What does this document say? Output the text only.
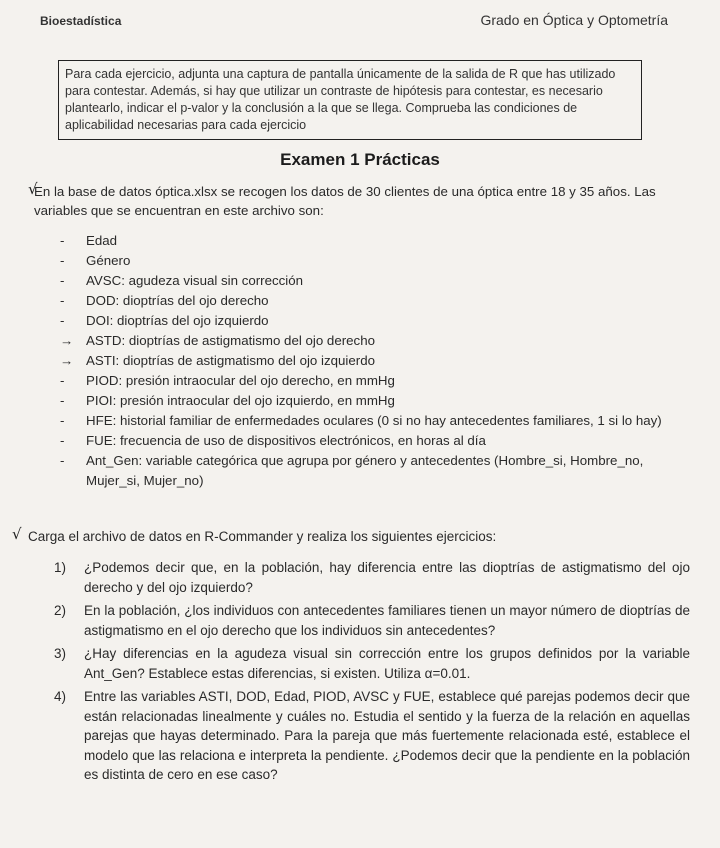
Bioestadística	Grado en Óptica y Optometría
Para cada ejercicio, adjunta una captura de pantalla únicamente de la salida de R que has utilizado para contestar. Además, si hay que utilizar un contraste de hipótesis para contestar, es necesario plantearlo, indicar el p-valor y la conclusión a la que se llega. Comprueba las condiciones de aplicabilidad necesarias para cada ejercicio
Examen 1 Prácticas
√
En la base de datos óptica.xlsx se recogen los datos de 30 clientes de una óptica entre 18 y 35 años. Las variables que se encuentran en este archivo son:
-	Edad
-	Género
-	AVSC: agudeza visual sin corrección
-	DOD: dioptrías del ojo derecho
-	DOI: dioptrías del ojo izquierdo
→ ASTD: dioptrías de astigmatismo del ojo derecho
→ ASTI: dioptrías de astigmatismo del ojo izquierdo
-	PIOD: presión intraocular del ojo derecho, en mmHg
-	PIOI: presión intraocular del ojo izquierdo, en mmHg
-	HFE: historial familiar de enfermedades oculares (0 si no hay antecedentes familiares, 1 si lo hay)
-	FUE: frecuencia de uso de dispositivos electrónicos, en horas al día
-	Ant_Gen: variable categórica que agrupa por género y antecedentes (Hombre_si, Hombre_no, Mujer_si, Mujer_no)
√ Carga el archivo de datos en R-Commander y realiza los siguientes ejercicios:
1) ¿Podemos decir que, en la población, hay diferencia entre las dioptrías de astigmatismo del ojo derecho y del ojo izquierdo?
2) En la población, ¿los individuos con antecedentes familiares tienen un mayor número de dioptrías de astigmatismo en el ojo derecho que los individuos sin antecedentes?
3) ¿Hay diferencias en la agudeza visual sin corrección entre los grupos definidos por la variable Ant_Gen? Establece estas diferencias, si existen. Utiliza α=0.01.
4) Entre las variables ASTI, DOD, Edad, PIOD, AVSC y FUE, establece qué parejas podemos decir que están relacionadas linealmente y cuáles no. Estudia el sentido y la fuerza de la relación en aquellas parejas que hayas determinado. Para la pareja que más fuertemente relacionada esté, establece el modelo que las relaciona e interpreta la pendiente. ¿Podemos decir que la pendiente en la población es distinta de cero en ese caso?
